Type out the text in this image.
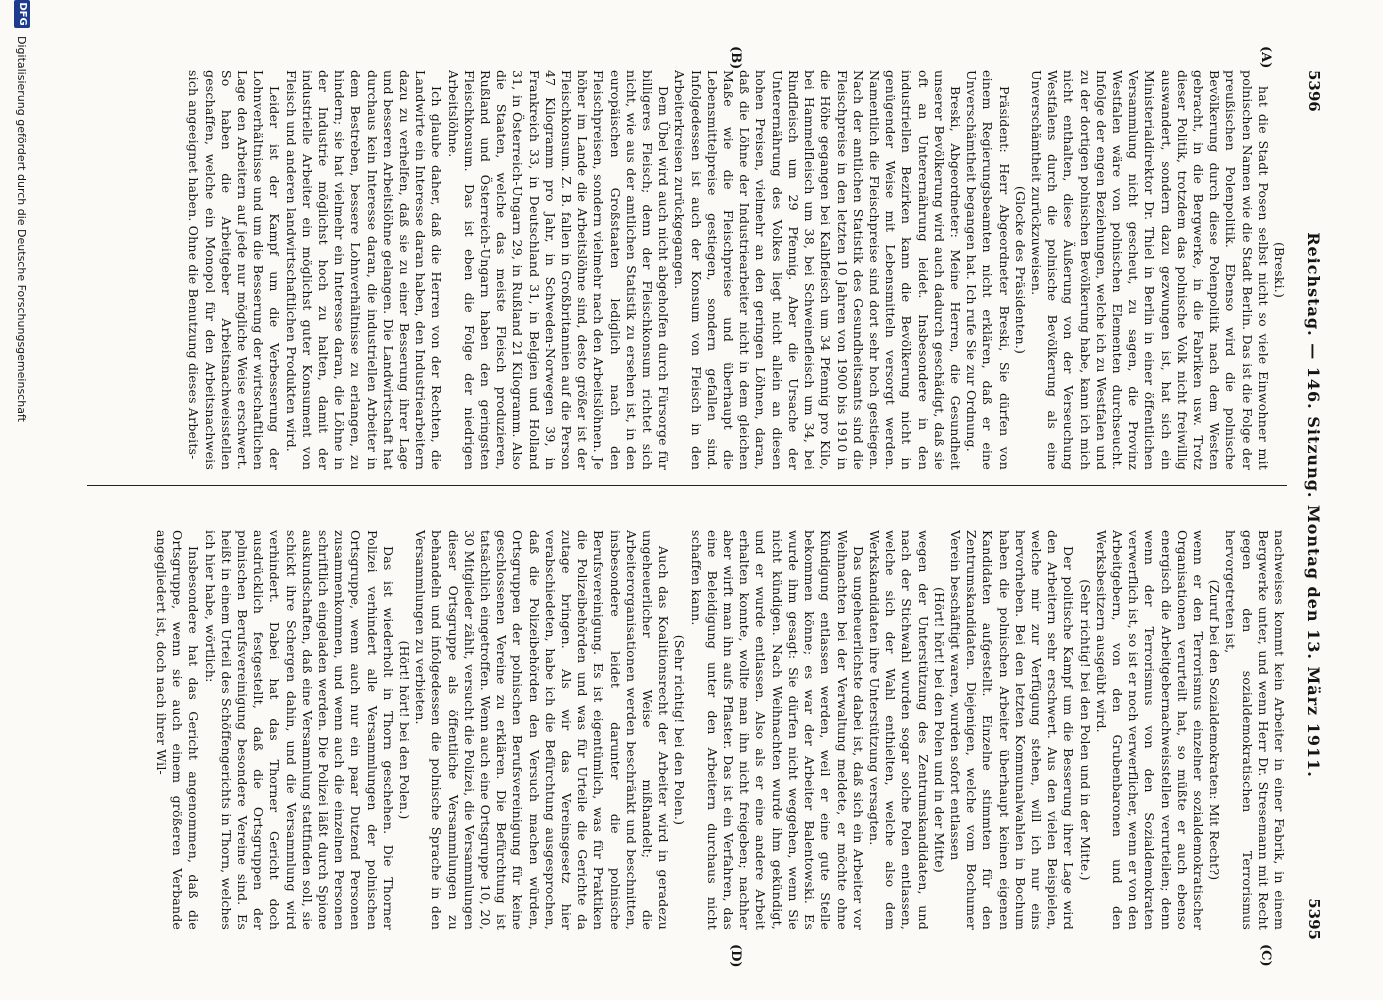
5396
Reichstag. — 146. Sitzung. Montag den 13. März 1911.
5395
(A)
(B)
(C)
(D)

(Breski.)

hat die Stadt Posen selbst nicht so viele Einwohner mit polnischen Namen wie die Stadt Berlin. Das ist die Folge der preußischen Polenpolitik. Ebenso wird die polnische Bevölkerung durch diese Polenpolitik nach dem Westen gebracht, in die Bergwerke, in die Fabriken usw. Trotz dieser Politik, trotzdem das polnische Volk nicht freiwillig auswandert, sondern dazu gezwungen ist, hat sich ein Ministerialdirektor Dr. Thiel in Berlin in einer öffentlichen Versammlung nicht gescheut, zu sagen, die Provinz Westfalen wäre von polnischen Elementen durchseucht. Infolge der engen Beziehungen, welche ich zu Westfalen und zu der dortigen polnischen Bevölkerung habe, kann ich mich nicht enthalten, diese Äußerung von der Verseuchung Westfalens durch die polnische Bevölkerung als eine Unverschämtheit zurückzuweisen.

(Glocke des Präsidenten.)

Präsident: Herr Abgeordneter Breski, Sie dürfen von einem Regierungsbeamten nicht erklären, daß er eine Unverschämtheit begangen hat. Ich rufe Sie zur Ordnung.

Breski, Abgeordneter: Meine Herren, die Gesundheit unserer Bevölkerung wird auch dadurch geschädigt, daß sie oft an Unterernährung leidet. Insbesondere in den industriellen Bezirken kann die Bevölkerung nicht in genügender Weise mit Lebensmitteln versorgt werden. Namentlich die Fleischpreise sind dort sehr hoch gestiegen. Nach der amtlichen Statistik des Gesundheitsamts sind die Fleischpreise in den letzten 10 Jahren von 1900 bis 1910 in die Höhe gegangen bei Kalbfleisch um 34 Pfennig pro Kilo, bei Hammelfleisch um 38, bei Schweinefleisch um 34, bei Rindfleisch um 29 Pfennig. Aber die Ursache der Unterernährung des Volkes liegt nicht allein an diesen hohen Preisen, vielmehr an den geringen Löhnen, daran, daß die Löhne der Industriearbeiter nicht in dem gleichen Maße wie die Fleischpreise und überhaupt die Lebensmittelpreise gestiegen, sondern gefallen sind. Infolgedessen ist auch der Konsum von Fleisch in den Arbeiterkreisen zurückgegangen.

Dem Übel wird auch nicht abgeholfen durch Fürsorge für billigeres Fleisch; denn der Fleischkonsum richtet sich nicht, wie aus der amtlichen Statistik zu ersehen ist, in den europäischen Großstaaten lediglich nach den Fleischpreisen, sondern vielmehr nach den Arbeitslöhnen. Je höher im Lande die Arbeitslöhne sind, desto größer ist der Fleischkonsum. Z. B. fallen in Großbritannien auf die Person 47 Kilogramm pro Jahr, in Schweden-Norwegen 39, in Frankreich 33, in Deutschland 31, in Belgien und Holland 31, in Österreich-Ungarn 29, in Rußland 21 Kilogramm. Also die Staaten, welche das meiste Fleisch produzieren, Rußland und Österreich-Ungarn haben den geringsten Fleischkonsum. Das ist eben die Folge der niedrigen Arbeitslöhne.

Ich glaube daher, daß die Herren von der Rechten, die Landwirte ein Interesse daran haben, den Industriearbeitern dazu zu verhelfen, daß sie zu einer Besserung ihrer Lage und besseren Arbeitslöhne gelangen. Die Landwirtschaft hat durchaus kein Interesse daran, die industriellen Arbeiter in dem Bestreben, bessere Lohnverhältnisse zu erlangen, zu hindern; sie hat vielmehr ein Interesse daran, die Löhne in der Industrie möglichst hoch zu halten, damit der industrielle Arbeiter ein möglichst guter Konsument von Fleisch und anderen landwirtschaftlichen Produkten wird.

Leider ist der Kampf um die Verbesserung der Lohnverhältnisse und um die Besserung der wirtschaftlichen Lage den Arbeitern auf jede nur mögliche Weise erschwert. So haben die Arbeitgeber Arbeitsnachweisstellen geschaffen, welche ein Monopol für den Arbeitsnachweis sich angeeignet haben. Ohne die Benutzung dieses Arbeits-

nachweises kommt kein Arbeiter in einer Fabrik, in einem Bergwerke unter, und wenn Herr Dr. Stresemann mit Recht gegen den sozialdemokratischen Terrorismus hervorgetreten ist,

(Zuruf bei den Sozialdemokraten: Mit Recht?)

wenn er den Terrorismus einzelner sozialdemokratischer Organisationen verurteilt hat, so müßte er auch ebenso energisch die Arbeitgebernachweisstellen verurteilen; denn wenn der Terrorismus von den Sozialdemokraten verwerflich ist, so ist er noch verwerflicher, wenn er von den Arbeitgebern, von den Grubenbaronen und den Werksbesitzern ausgeübt wird.

(Sehr richtig! bei den Polen und in der Mitte.)

Der politische Kampf um die Besserung ihrer Lage wird den Arbeitern sehr erschwert. Aus den vielen Beispielen, welche mir zur Verfügung stehen, will ich nur eins hervorheben. Bei den letzten Kommunalwahlen in Bochum haben die polnischen Arbeiter überhaupt keinen eigenen Kandidaten aufgestellt. Einzelne stimmten für den Zentrumskandidaten. Diejenigen, welche vom Bochumer Verein beschäftigt waren, wurden sofort entlassen

(Hört! hört! bei den Polen und in der Mitte)

wegen der Unterstützung des Zentrumskandidaten, und nach der Stichwahl wurden sogar solche Polen entlassen, welche sich der Wahl enthielten, welche also dem Werkskandidaten ihre Unterstützung versagten.

Das ungeheuerlichste dabei ist, daß sich ein Arbeiter vor Weihnachten bei der Verwaltung meldete, er möchte ohne Kündigung entlassen werden, weil er eine gute Stelle bekommen könne; es war der Arbeiter Balentowski. Es wurde ihm gesagt: Sie dürfen nicht weggehen, wenn Sie nicht kündigen. Nach Weihnachten wurde ihm gekündigt, und er wurde entlassen. Also als er eine andere Arbeit erhalten konnte, wollte man ihn nicht freigeben; nachher aber wirft man ihn aufs Pflaster. Das ist ein Verfahren, das eine Beleidigung unter den Arbeitern durchaus nicht schaffen kann.

(Sehr richtig! bei den Polen.)

Auch das Koalitionsrecht der Arbeiter wird in geradezu ungeheuerlicher Weise mißhandelt; die Arbeiterorganisationen werden beschränkt und beschnitten, insbesondere leidet darunter die polnische Berufsvereinigung. Es ist eigentümlich, was für Praktiken die Polizeibehörden und was für Urteile die Gerichte da zutage bringen. Als wir das Vereinsgesetz hier verabschiedeten, habe ich die Befürchtung ausgesprochen, daß die Polizeibehörden den Versuch machen würden, Ortsgruppen der polnischen Berufsvereinigung für keine geschlossenen Vereine zu erklären. Die Befürchtung ist tatsächlich eingetroffen. Wenn auch eine Ortsgruppe 10, 20, 30 Mitglieder zählt, versucht die Polizei, die Versammlungen dieser Ortsgruppe als öffentliche Versammlungen zu behandeln und infolgedessen die polnische Sprache in den Versammlungen zu verbieten.

(Hört! hört! bei den Polen.)

Das ist wiederholt in Thorn geschehen. Die Thorner Polizei verhindert alle Versammlungen der polnischen Ortsgruppe, wenn auch nur ein paar Dutzend Personen zusammenkommen, und wenn auch die einzelnen Personen schriftlich eingeladen werden. Die Polizei läßt durch Spione auskundschaften, daß eine Versammlung stattfinden soll, sie schickt ihre Schergen dahin, und die Versammlung wird verhindert. Dabei hat das Thorner Gericht doch ausdrücklich festgestellt, daß die Ortsgruppen der polnischen Berufsvereinigung besondere Vereine sind. Es heißt in einem Urteil des Schöffengerichts in Thorn, welches ich hier habe, wörtlich:

Insbesondere hat das Gericht angenommen, daß die Ortsgruppe, wenn sie auch einem größeren Verbande angegliedert ist, doch nach ihrer Wil-

DFG
Digitalisierung gefördert durch die Deutsche Forschungsgemeinschaft
